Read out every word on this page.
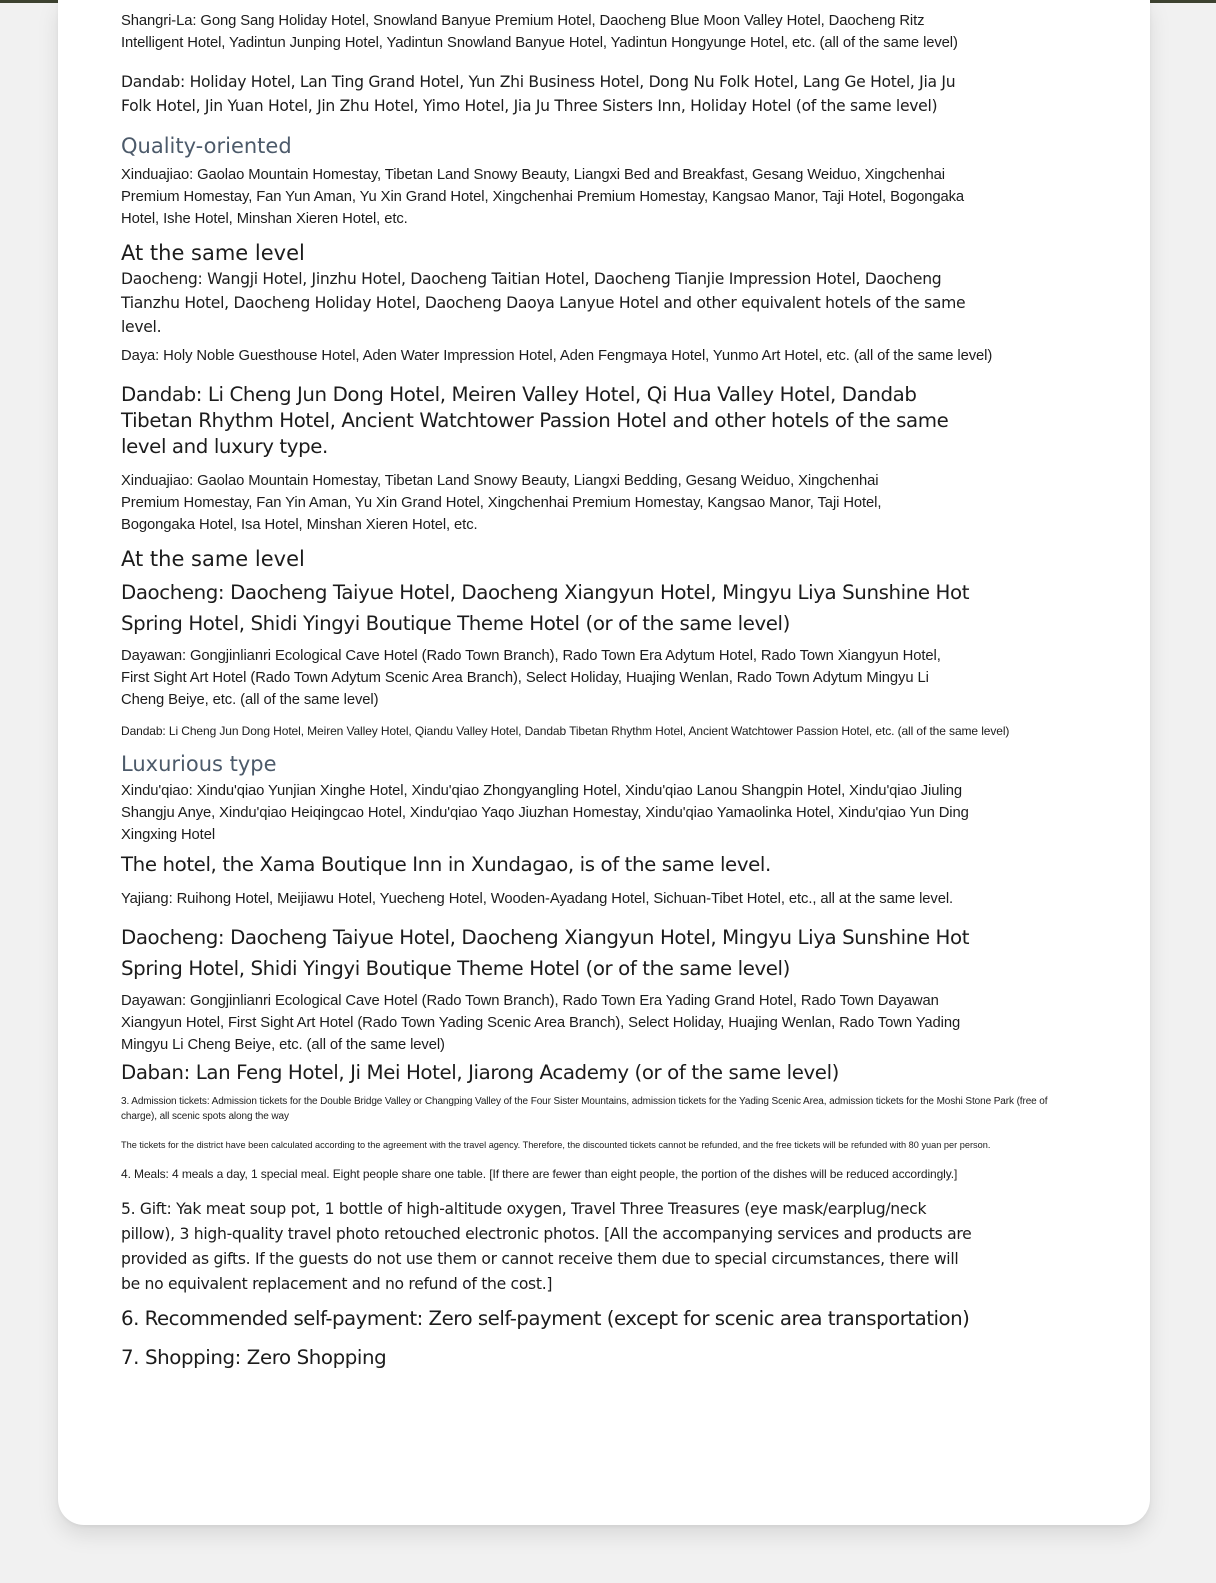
Shangri-La: Gong Sang Holiday Hotel, Snowland Banyue Premium Hotel, Daocheng Blue Moon Valley Hotel, Daocheng Ritz Intelligent Hotel, Yadintun Junping Hotel, Yadintun Snowland Banyue Hotel, Yadintun Hongyunge Hotel, etc. (all of the same level)

Dandab: Holiday Hotel, Lan Ting Grand Hotel, Yun Zhi Business Hotel, Dong Nu Folk Hotel, Lang Ge Hotel, Jia Ju Folk Hotel, Jin Yuan Hotel, Jin Zhu Hotel, Yimo Hotel, Jia Ju Three Sisters Inn, Holiday Hotel (of the same level)

Quality-oriented

Xinduajiao: Gaolao Mountain Homestay, Tibetan Land Snowy Beauty, Liangxi Bed and Breakfast, Gesang Weiduo, Xingchenhai Premium Homestay, Fan Yun Aman, Yu Xin Grand Hotel, Xingchenhai Premium Homestay, Kangsao Manor, Taji Hotel, Bogongaka Hotel, Ishe Hotel, Minshan Xieren Hotel, etc.

At the same level

Daocheng: Wangji Hotel, Jinzhu Hotel, Daocheng Taitian Hotel, Daocheng Tianjie Impression Hotel, Daocheng Tianzhu Hotel, Daocheng Holiday Hotel, Daocheng Daoya Lanyue Hotel and other equivalent hotels of the same level.

Daya: Holy Noble Guesthouse Hotel, Aden Water Impression Hotel, Aden Fengmaya Hotel, Yunmo Art Hotel, etc. (all of the same level)

Dandab: Li Cheng Jun Dong Hotel, Meiren Valley Hotel, Qi Hua Valley Hotel, Dandab Tibetan Rhythm Hotel, Ancient Watchtower Passion Hotel and other hotels of the same level and luxury type.

Xinduajiao: Gaolao Mountain Homestay, Tibetan Land Snowy Beauty, Liangxi Bedding, Gesang Weiduo, Xingchenhai Premium Homestay, Fan Yin Aman, Yu Xin Grand Hotel, Xingchenhai Premium Homestay, Kangsao Manor, Taji Hotel, Bogongaka Hotel, Isa Hotel, Minshan Xieren Hotel, etc.

At the same level

Daocheng: Daocheng Taiyue Hotel, Daocheng Xiangyun Hotel, Mingyu Liya Sunshine Hot Spring Hotel, Shidi Yingyi Boutique Theme Hotel (or of the same level)

Dayawan: Gongjinlianri Ecological Cave Hotel (Rado Town Branch), Rado Town Era Adytum Hotel, Rado Town Xiangyun Hotel, First Sight Art Hotel (Rado Town Adytum Scenic Area Branch), Select Holiday, Huajing Wenlan, Rado Town Adytum Mingyu Li Cheng Beiye, etc. (all of the same level)

Dandab: Li Cheng Jun Dong Hotel, Meiren Valley Hotel, Qiandu Valley Hotel, Dandab Tibetan Rhythm Hotel, Ancient Watchtower Passion Hotel, etc. (all of the same level)

Luxurious type

Xindu'qiao: Xindu'qiao Yunjian Xinghe Hotel, Xindu'qiao Zhongyangling Hotel, Xindu'qiao Lanou Shangpin Hotel, Xindu'qiao Jiuling Shangju Anye, Xindu'qiao Heiqingcao Hotel, Xindu'qiao Yaqo Jiuzhan Homestay, Xindu'qiao Yamaolinka Hotel, Xindu'qiao Yun Ding Xingxing Hotel

The hotel, the Xama Boutique Inn in Xundagao, is of the same level.

Yajiang: Ruihong Hotel, Meijiawu Hotel, Yuecheng Hotel, Wooden-Ayadang Hotel, Sichuan-Tibet Hotel, etc., all at the same level.

Daocheng: Daocheng Taiyue Hotel, Daocheng Xiangyun Hotel, Mingyu Liya Sunshine Hot Spring Hotel, Shidi Yingyi Boutique Theme Hotel (or of the same level)

Dayawan: Gongjinlianri Ecological Cave Hotel (Rado Town Branch), Rado Town Era Yading Grand Hotel, Rado Town Dayawan Xiangyun Hotel, First Sight Art Hotel (Rado Town Yading Scenic Area Branch), Select Holiday, Huajing Wenlan, Rado Town Yading Mingyu Li Cheng Beiye, etc. (all of the same level)

Daban: Lan Feng Hotel, Ji Mei Hotel, Jiarong Academy (or of the same level)

3. Admission tickets: Admission tickets for the Double Bridge Valley or Changping Valley of the Four Sister Mountains, admission tickets for the Yading Scenic Area, admission tickets for the Moshi Stone Park (free of charge), all scenic spots along the way

The tickets for the district have been calculated according to the agreement with the travel agency. Therefore, the discounted tickets cannot be refunded, and the free tickets will be refunded with 80 yuan per person.

4. Meals: 4 meals a day, 1 special meal. Eight people share one table. [If there are fewer than eight people, the portion of the dishes will be reduced accordingly.]

5. Gift: Yak meat soup pot, 1 bottle of high-altitude oxygen, Travel Three Treasures (eye mask/earplug/neck pillow), 3 high-quality travel photo retouched electronic photos. [All the accompanying services and products are provided as gifts. If the guests do not use them or cannot receive them due to special circumstances, there will be no equivalent replacement and no refund of the cost.]

6. Recommended self-payment: Zero self-payment (except for scenic area transportation)

7. Shopping: Zero Shopping
